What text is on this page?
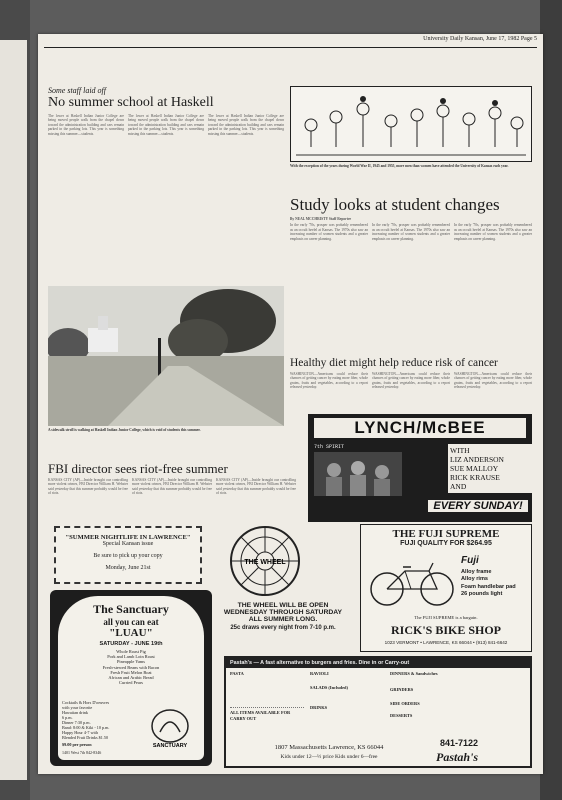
University Daily Kansan, June 17, 1982 Page 5
Some staff laid off
No summer school at Haskell
The lower at Haskell Indian Junior College are being moved people walk from the chapel down toward the administration building and cars remain parked in the parking lots. This year is something missing this summer—students.
The lower at Haskell Indian Junior College are being moved people walk from the chapel down toward the administration building and cars remain parked in the parking lots. This year is something missing this summer—students.
The lower at Haskell Indian Junior College are being moved people walk from the chapel down toward the administration building and cars remain parked in the parking lots. This year is something missing this summer—students.
A sidewalk stroll is walking at Haskell Indian Junior College, which is void of students this summer.
With the exception of the years during World War II, 1945 and 1955, more men than women have attended the University of Kansas each year.
Study looks at student changes
By NEAL MCCHRISTY Staff Reporter
In the early '70s, prosper was probably remembered as an occult heelel at Kansas. The 1970s also saw an increasing number of women students and a greater emphasis on career planning.
In the early '70s, prosper was probably remembered as an occult heelel at Kansas. The 1970s also saw an increasing number of women students and a greater emphasis on career planning.
In the early '70s, prosper was probably remembered as an occult heelel at Kansas. The 1970s also saw an increasing number of women students and a greater emphasis on career planning.
Healthy diet might help reduce risk of cancer
WASHINGTON—Americans could reduce their chances of getting cancer by eating more fiber, whole grains, fruits and vegetables, according to a report released yesterday.
WASHINGTON—Americans could reduce their chances of getting cancer by eating more fiber, whole grains, fruits and vegetables, according to a report released yesterday.
WASHINGTON—Americans could reduce their chances of getting cancer by eating more fiber, whole grains, fruits and vegetables, according to a report released yesterday.
LYNCH/McBEE
7th SPIRIT	WITH
LIZ ANDERSON
SUE MALLOY
RICK KRAUSE
AND
EVERY SUNDAY!
FBI director sees riot-free summer
KANSAS CITY (AP)—Inside brought our controlling more violent crimes, FBI Director William H. Webster said yesterday that this summer probably would be free of riots.
KANSAS CITY (AP)—Inside brought our controlling more violent crimes, FBI Director William H. Webster said yesterday that this summer probably would be free of riots.
KANSAS CITY (AP)—Inside brought our controlling more violent crimes, FBI Director William H. Webster said yesterday that this summer probably would be free of riots.
"SUMMER NIGHTLIFE IN LAWRENCE"
Special Kansan issue
Be sure to pick up your copy
Monday, June 21st
THE WHEEL
THE WHEEL WILL BE OPEN
WEDNESDAY THROUGH SATURDAY
ALL SUMMER LONG.
25c draws every night from 7-10 p.m.
THE FUJI SUPREME
FUJI QUALITY FOR $264.95
Fuji
Alloy frame
Alloy rims
Foam handlebar pad
26 pounds light
The FUJI SUPREME is a bargain.
RICK'S BIKE SHOP
1023 VERMONT • LAWRENCE, KS 66044 • (913) 841-6642
The Sanctuary
all you can eat
"LUAU"
SATURDAY - JUNE 19th
Whole Roast Pig
Pork and Lamb Loin Roast
Pineapple Yams
Fresh-stewed Beans with Bacon
Fresh Fruit Melon Boat
African and Arabic Bread
Curried Pears
Cocktails & Hors D'oeuvres
with your favorite
Hawaiian drink
6 p.m.
Dinner 7:30 p.m.
Band: 8:00 & Kiki - 10 p.m.
Happy Hour 4-7 with
Blended Fruit Drinks $1.50
$9.00 per person	SANCTUARY
1401 West 7th 842-8346
Pastah's — A fast alternative to burgers and fries. Dine in or Carry-out
PASTA
ALL ITEMS AVAILABLE FOR CARRY OUT
RAVIOLI
SALADS (Included)
DRINKS
DINNERS & Sandwiches
GRINDERS
SIDE ORDERS
DESSERTS
841-7122
Pastah's
1807 Massachusetts Lawrence, KS 66044
Kids under 12—½ price Kids under 6—free
